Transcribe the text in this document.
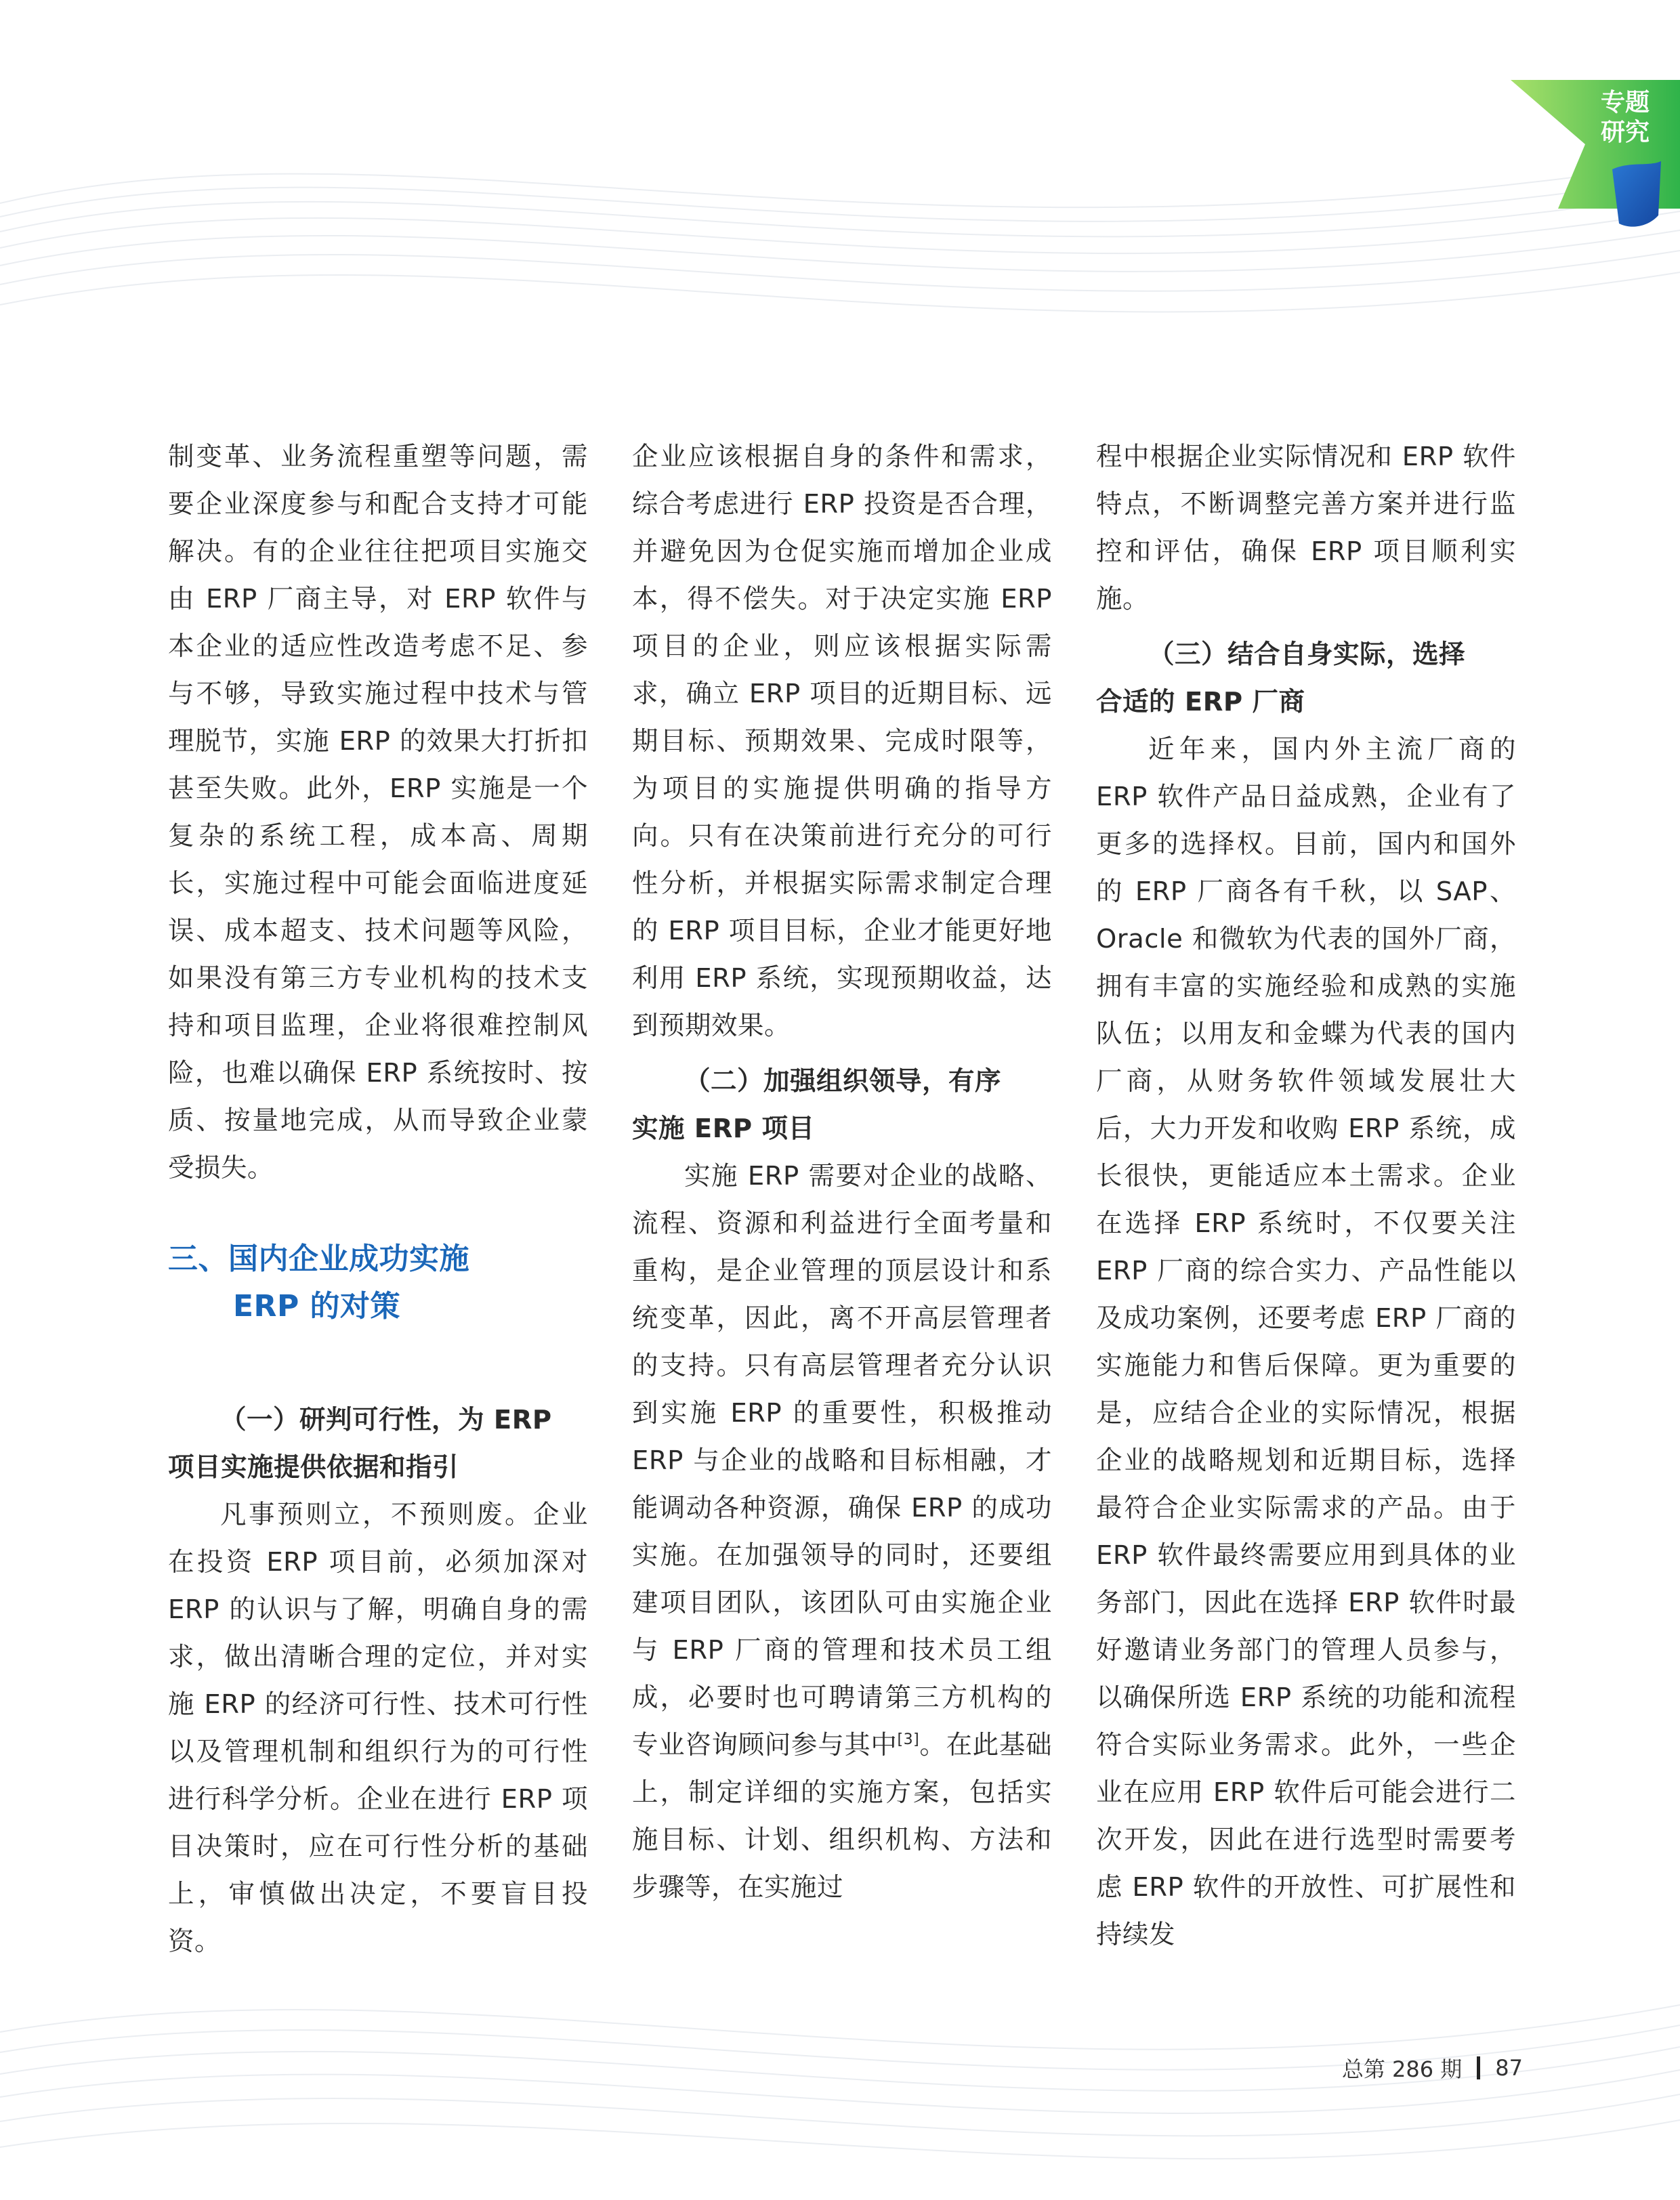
专题
研究

制变革、业务流程重塑等问题，需要企业深度参与和配合支持才可能解决。有的企业往往把项目实施交由 ERP 厂商主导，对 ERP 软件与本企业的适应性改造考虑不足、参与不够，导致实施过程中技术与管理脱节，实施 ERP 的效果大打折扣甚至失败。此外，ERP 实施是一个复杂的系统工程，成本高、周期长，实施过程中可能会面临进度延误、成本超支、技术问题等风险，如果没有第三方专业机构的技术支持和项目监理，企业将很难控制风险，也难以确保 ERP 系统按时、按质、按量地完成，从而导致企业蒙受损失。

三、国内企业成功实施
ERP 的对策
（一）研判可行性，为 ERP
项目实施提供依据和指引

凡事预则立，不预则废。企业在投资 ERP 项目前，必须加深对 ERP 的认识与了解，明确自身的需求，做出清晰合理的定位，并对实施 ERP 的经济可行性、技术可行性以及管理机制和组织行为的可行性进行科学分析。企业在进行 ERP 项目决策时，应在可行性分析的基础上，审慎做出决定，不要盲目投资。

企业应该根据自身的条件和需求，综合考虑进行 ERP 投资是否合理，并避免因为仓促实施而增加企业成本，得不偿失。对于决定实施 ERP 项目的企业，则应该根据实际需求，确立 ERP 项目的近期目标、远期目标、预期效果、完成时限等，为项目的实施提供明确的指导方向。只有在决策前进行充分的可行性分析，并根据实际需求制定合理的 ERP 项目目标，企业才能更好地利用 ERP 系统，实现预期收益，达到预期效果。

（二）加强组织领导，有序
实施 ERP 项目

实施 ERP 需要对企业的战略、流程、资源和利益进行全面考量和重构，是企业管理的顶层设计和系统变革，因此，离不开高层管理者的支持。只有高层管理者充分认识到实施 ERP 的重要性，积极推动 ERP 与企业的战略和目标相融，才能调动各种资源，确保 ERP 的成功实施。在加强领导的同时，还要组建项目团队，该团队可由实施企业与 ERP 厂商的管理和技术员工组成，必要时也可聘请第三方机构的专业咨询顾问参与其中[3]。在此基础上，制定详细的实施方案，包括实施目标、计划、组织机构、方法和步骤等，在实施过

程中根据企业实际情况和 ERP 软件特点，不断调整完善方案并进行监控和评估，确保 ERP 项目顺利实施。

（三）结合自身实际，选择
合适的 ERP 厂商

近年来，国内外主流厂商的 ERP 软件产品日益成熟，企业有了更多的选择权。目前，国内和国外的 ERP 厂商各有千秋，以 SAP、Oracle 和微软为代表的国外厂商，拥有丰富的实施经验和成熟的实施队伍；以用友和金蝶为代表的国内厂商，从财务软件领域发展壮大后，大力开发和收购 ERP 系统，成长很快，更能适应本土需求。企业在选择 ERP 系统时，不仅要关注 ERP 厂商的综合实力、产品性能以及成功案例，还要考虑 ERP 厂商的实施能力和售后保障。更为重要的是，应结合企业的实际情况，根据企业的战略规划和近期目标，选择最符合企业实际需求的产品。由于 ERP 软件最终需要应用到具体的业务部门，因此在选择 ERP 软件时最好邀请业务部门的管理人员参与，以确保所选 ERP 系统的功能和流程符合实际业务需求。此外，一些企业在应用 ERP 软件后可能会进行二次开发，因此在进行选型时需要考虑 ERP 软件的开放性、可扩展性和持续发

总第 286 期 87
